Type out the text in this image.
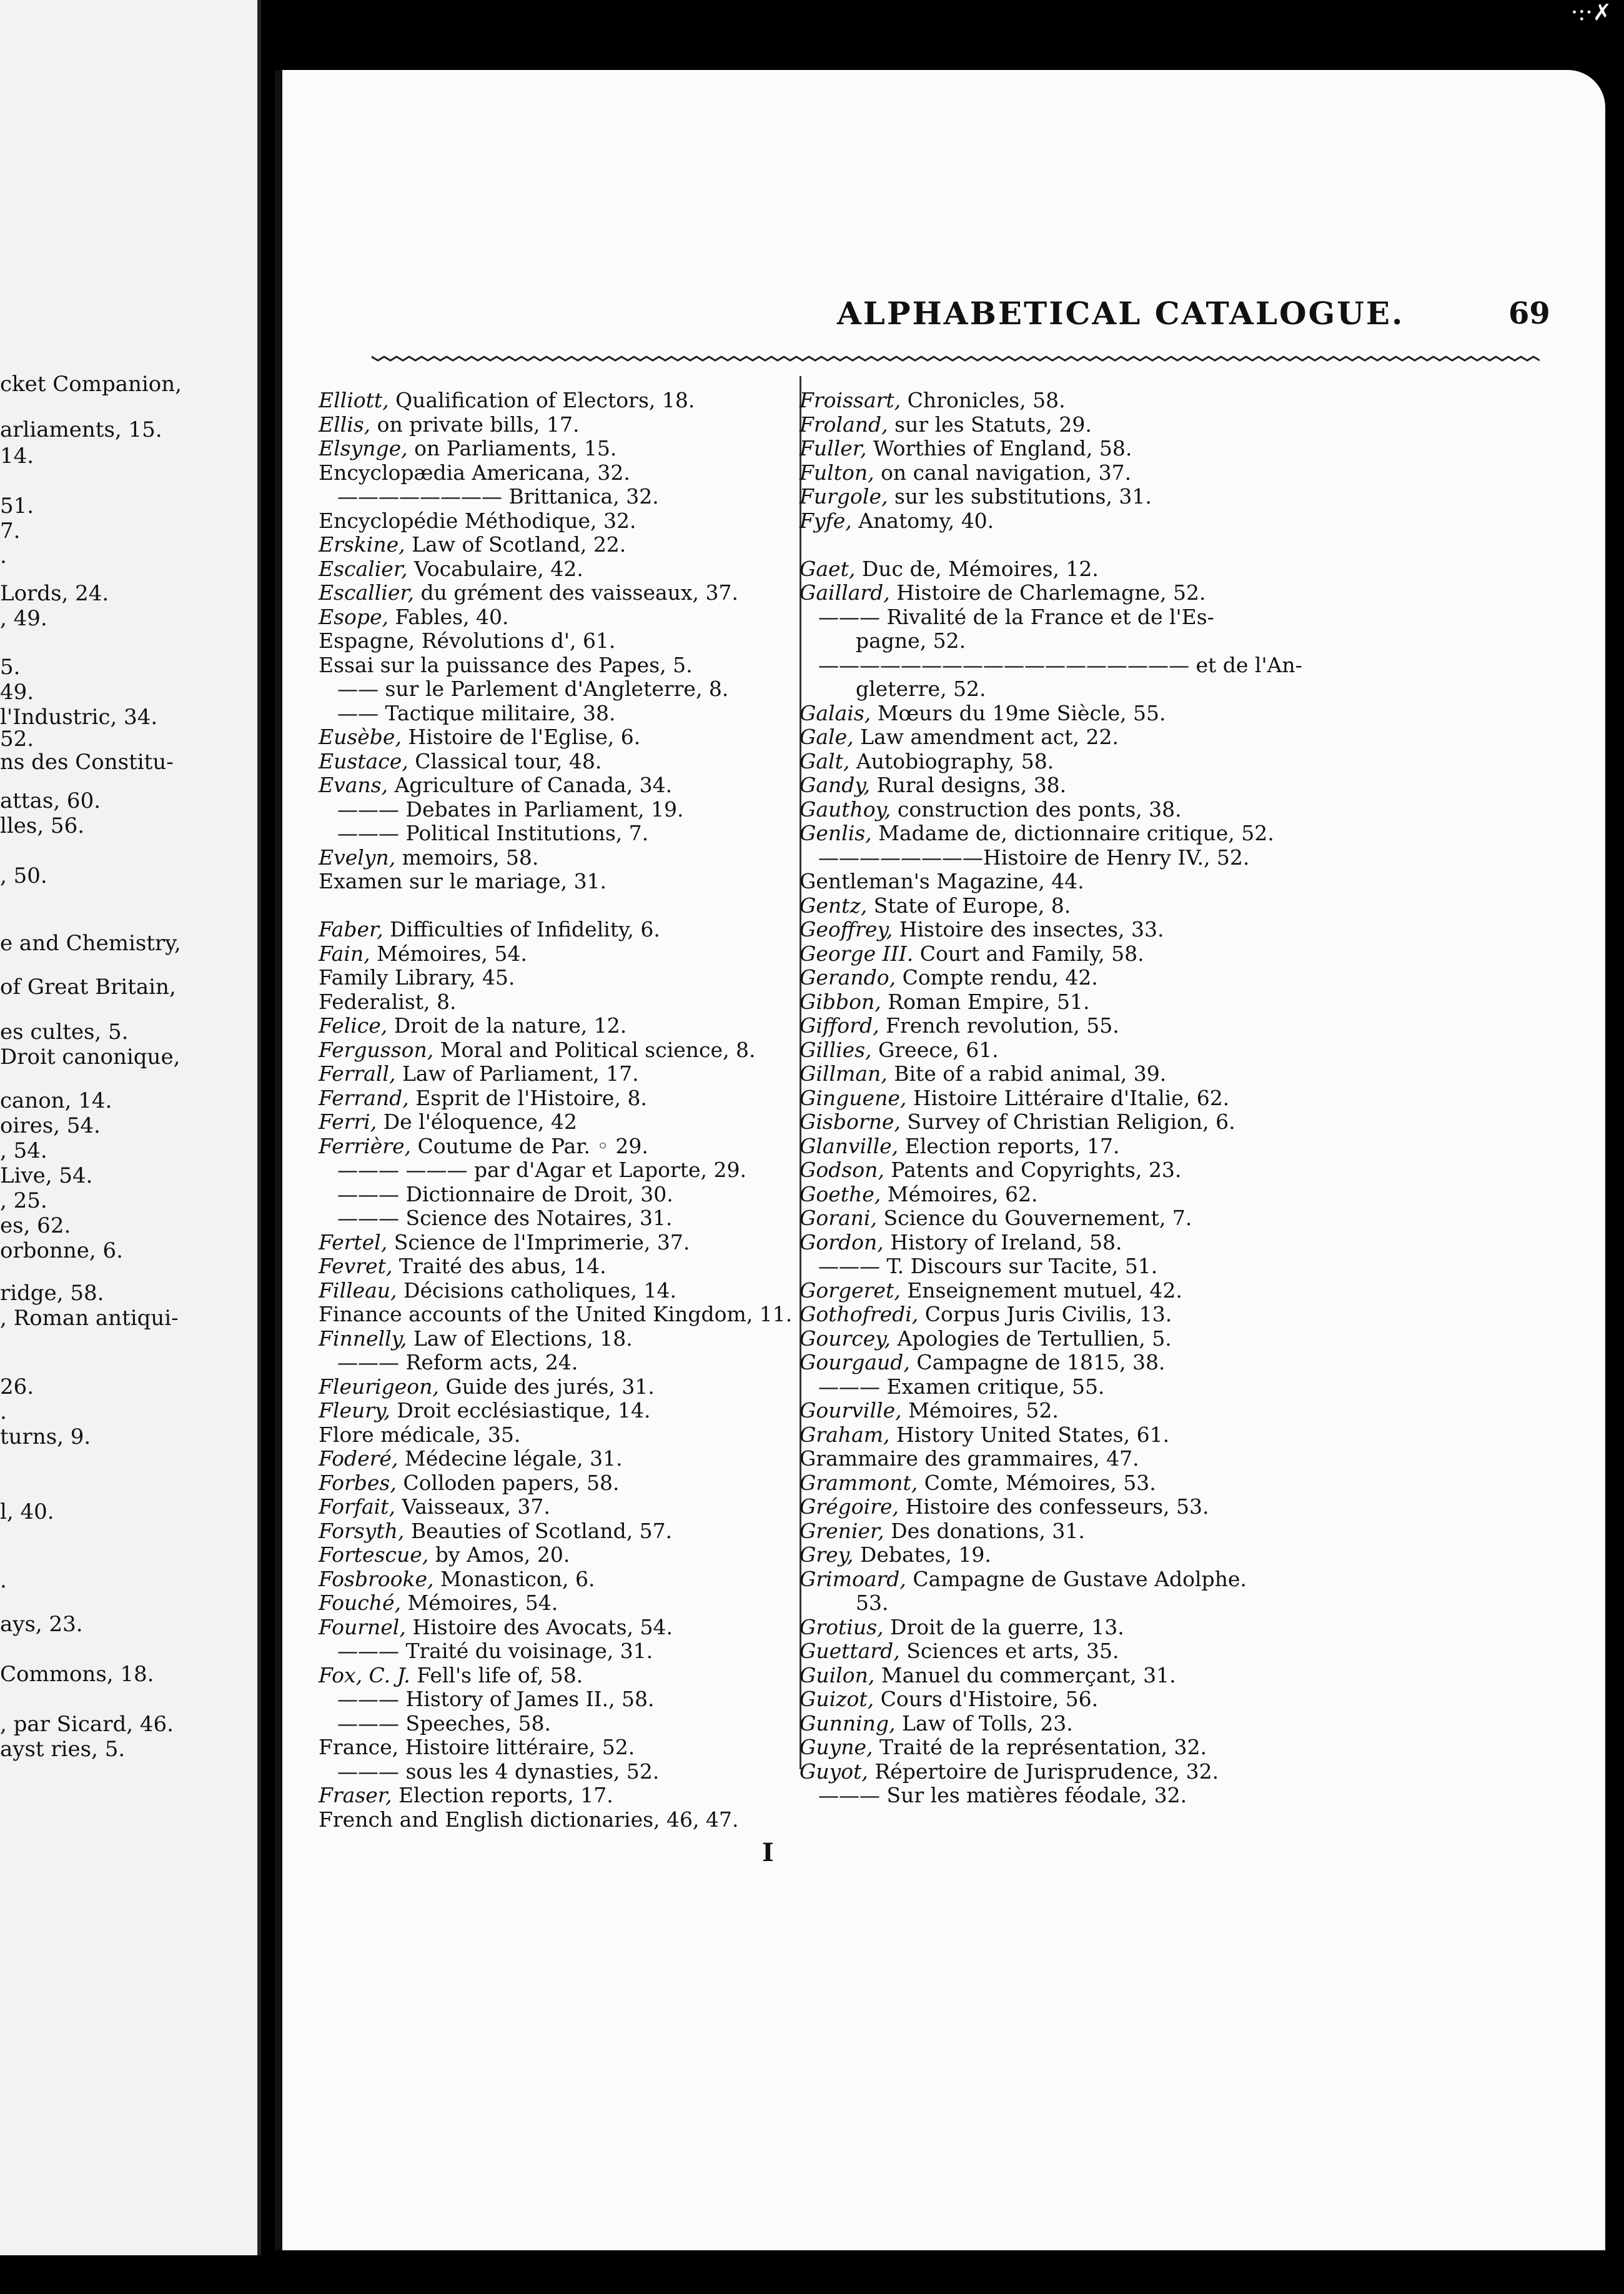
cket Companion,
arliaments, 15.
14.
51.
7.
.
Lords, 24.
, 49.
5.
49.
l'Industric, 34.
52.
ns des Constitu-
attas, 60.
lles, 56.
, 50.
e and Chemistry,
of Great Britain,
es cultes, 5.
Droit canonique,
canon, 14.
oires, 54.
, 54.
Live, 54.
, 25.
es, 62.
orbonne, 6.
ridge, 58.
, Roman antiqui-
26.
.
turns, 9.
l, 40.
.
ays, 23.
Commons, 18.
, par Sicard, 46.
ayst ries, 5.
ALPHABETICAL CATALOGUE.	69
Elliott, Qualification of Electors, 18.
Ellis, on private bills, 17.
Elsynge, on Parliaments, 15.
Encyclopædia Americana, 32.
———————— Brittanica, 32.
Encyclopédie Méthodique, 32.
Erskine, Law of Scotland, 22.
Escalier, Vocabulaire, 42.
Escallier, du grément des vaisseaux, 37.
Esope, Fables, 40.
Espagne, Révolutions d', 61.
Essai sur la puissance des Papes, 5.
—— sur le Parlement d'Angleterre, 8.
—— Tactique militaire, 38.
Eusèbe, Histoire de l'Eglise, 6.
Eustace, Classical tour, 48.
Evans, Agriculture of Canada, 34.
——— Debates in Parliament, 19.
——— Political Institutions, 7.
Evelyn, memoirs, 58.
Examen sur le mariage, 31.
Faber, Difficulties of Infidelity, 6.
Fain, Mémoires, 54.
Family Library, 45.
Federalist, 8.
Felice, Droit de la nature, 12.
Fergusson, Moral and Political science, 8.
Ferrall, Law of Parliament, 17.
Ferrand, Esprit de l'Histoire, 8.
Ferri, De l'éloquence, 42
Ferrière, Coutume de Par. ◦ 29.
——— ——— par d'Agar et Laporte, 29.
——— Dictionnaire de Droit, 30.
——— Science des Notaires, 31.
Fertel, Science de l'Imprimerie, 37.
Fevret, Traité des abus, 14.
Filleau, Décisions catholiques, 14.
Finance accounts of the United Kingdom, 11.
Finnelly, Law of Elections, 18.
——— Reform acts, 24.
Fleurigeon, Guide des jurés, 31.
Fleury, Droit ecclésiastique, 14.
Flore médicale, 35.
Foderé, Médecine légale, 31.
Forbes, Colloden papers, 58.
Forfait, Vaisseaux, 37.
Forsyth, Beauties of Scotland, 57.
Fortescue, by Amos, 20.
Fosbrooke, Monasticon, 6.
Fouché, Mémoires, 54.
Fournel, Histoire des Avocats, 54.
——— Traité du voisinage, 31.
Fox, C. J. Fell's life of, 58.
——— History of James II., 58.
——— Speeches, 58.
France, Histoire littéraire, 52.
——— sous les 4 dynasties, 52.
Fraser, Election reports, 17.
French and English dictionaries, 46, 47.
Froissart, Chronicles, 58.
Froland, sur les Statuts, 29.
Fuller, Worthies of England, 58.
Fulton, on canal navigation, 37.
Furgole, sur les substitutions, 31.
Fyfe, Anatomy, 40.
Gaet, Duc de, Mémoires, 12.
Gaillard, Histoire de Charlemagne, 52.
——— Rivalité de la France et de l'Es-
pagne, 52.
—————————————————— et de l'An-
gleterre, 52.
Galais, Mœurs du 19me Siècle, 55.
Gale, Law amendment act, 22.
Galt, Autobiography, 58.
Gandy, Rural designs, 38.
Gauthoy, construction des ponts, 38.
Genlis, Madame de, dictionnaire critique, 52.
————————Histoire de Henry IV., 52.
Gentleman's Magazine, 44.
Gentz, State of Europe, 8.
Geoffrey, Histoire des insectes, 33.
George III. Court and Family, 58.
Gerando, Compte rendu, 42.
Gibbon, Roman Empire, 51.
Gifford, French revolution, 55.
Gillies, Greece, 61.
Gillman, Bite of a rabid animal, 39.
Ginguene, Histoire Littéraire d'Italie, 62.
Gisborne, Survey of Christian Religion, 6.
Glanville, Election reports, 17.
Godson, Patents and Copyrights, 23.
Goethe, Mémoires, 62.
Gorani, Science du Gouvernement, 7.
Gordon, History of Ireland, 58.
——— T. Discours sur Tacite, 51.
Gorgeret, Enseignement mutuel, 42.
Gothofredi, Corpus Juris Civilis, 13.
Gourcey, Apologies de Tertullien, 5.
Gourgaud, Campagne de 1815, 38.
——— Examen critique, 55.
Gourville, Mémoires, 52.
Graham, History United States, 61.
Grammaire des grammaires, 47.
Grammont, Comte, Mémoires, 53.
Grégoire, Histoire des confesseurs, 53.
Grenier, Des donations, 31.
Grey, Debates, 19.
Grimoard, Campagne de Gustave Adolphe.
53.
Grotius, Droit de la guerre, 13.
Guettard, Sciences et arts, 35.
Guilon, Manuel du commerçant, 31.
Guizot, Cours d'Histoire, 56.
Gunning, Law of Tolls, 23.
Guyne, Traité de la représentation, 32.
Guyot, Répertoire de Jurisprudence, 32.
——— Sur les matières féodale, 32.
I
·:·✗
